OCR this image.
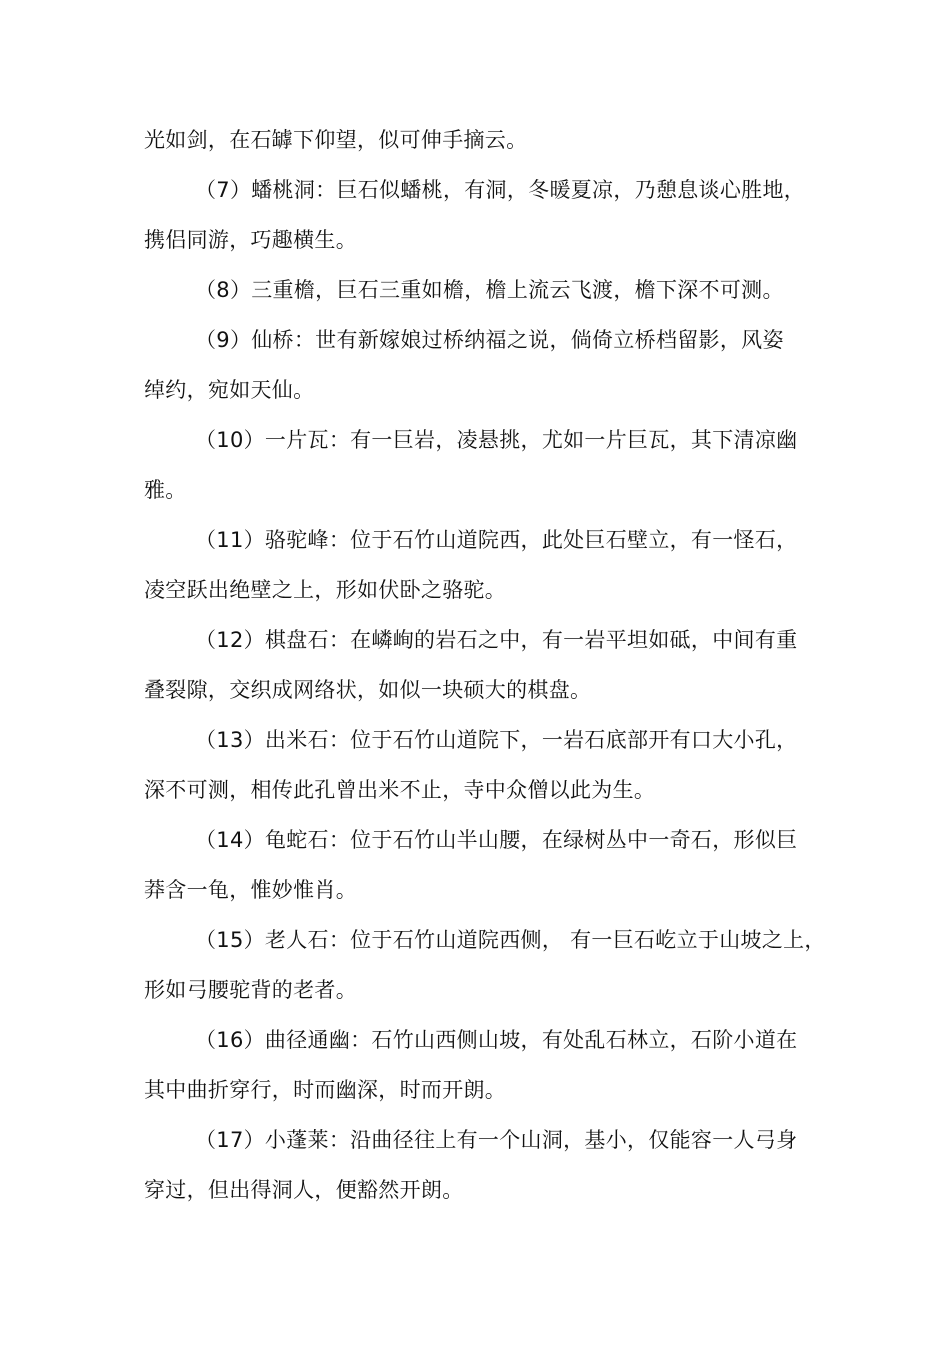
光如剑，在石罅下仰望，似可伸手摘云。
（7）蟠桃洞：巨石似蟠桃，有洞，冬暖夏凉，乃憩息谈心胜地，
携侣同游，巧趣横生。
（8）三重檐，巨石三重如檐，檐上流云飞渡，檐下深不可测。
（9）仙桥：世有新嫁娘过桥纳福之说，倘倚立桥档留影，风姿
绰约，宛如天仙。
（10）一片瓦：有一巨岩，凌悬挑，尤如一片巨瓦，其下清凉幽
雅。
（11）骆驼峰：位于石竹山道院西，此处巨石壁立，有一怪石，
凌空跃出绝壁之上，形如伏卧之骆驼。
（12）棋盘石：在嶙峋的岩石之中，有一岩平坦如砥，中间有重
叠裂隙，交织成网络状，如似一块硕大的棋盘。
（13）出米石：位于石竹山道院下，一岩石底部开有口大小孔，
深不可测，相传此孔曾出米不止，寺中众僧以此为生。
（14）龟蛇石：位于石竹山半山腰，在绿树丛中一奇石，形似巨
莽含一龟，惟妙惟肖。
（15）老人石：位于石竹山道院西侧， 有一巨石屹立于山坡之上，
形如弓腰驼背的老者。
（16）曲径通幽：石竹山西侧山坡，有处乱石林立，石阶小道在
其中曲折穿行，时而幽深，时而开朗。
（17）小蓬莱：沿曲径往上有一个山洞，基小，仅能容一人弓身
穿过，但出得洞人，便豁然开朗。
